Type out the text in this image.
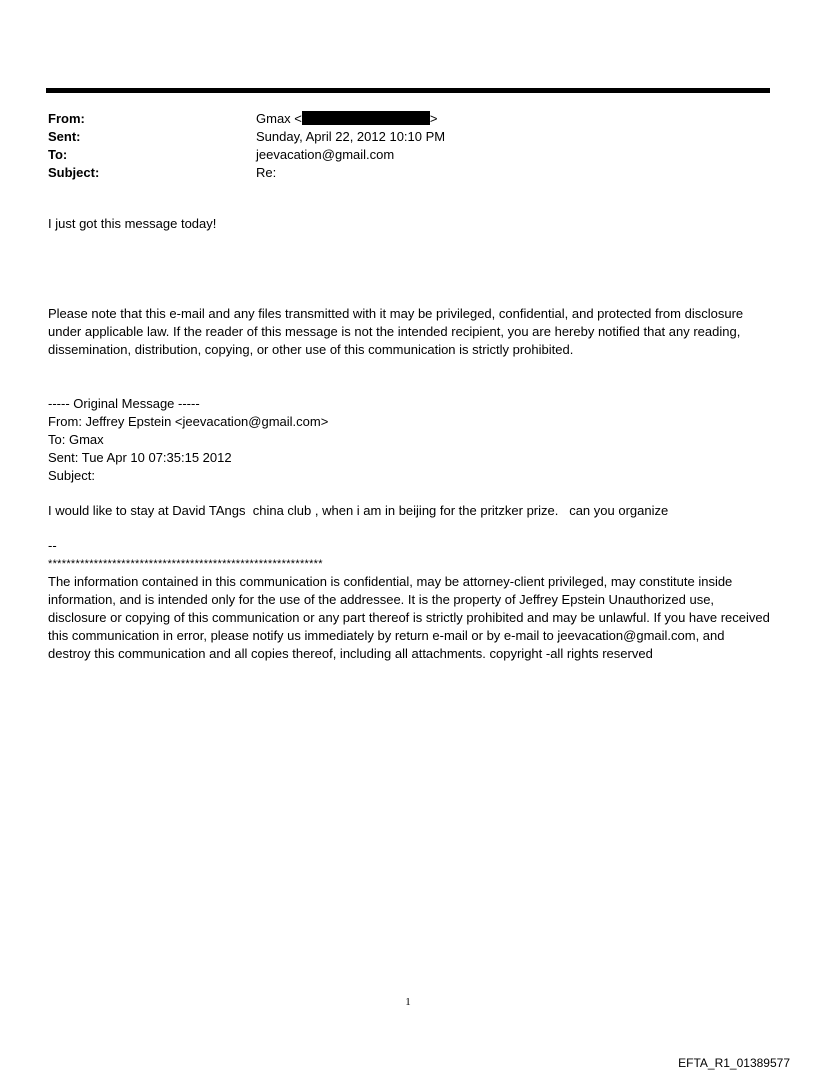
From:	Gmax <	>
Sent:	Sunday, April 22, 2012 10:10 PM
To:	jeevacation@gmail.com
Subject:	Re:
I just got this message today!
Please note that this e-mail and any files transmitted with it may be privileged, confidential, and protected from disclosure under applicable law. If the reader of this message is not the intended recipient, you are hereby notified that any reading, dissemination, distribution, copying, or other use of this communication is strictly prohibited.

----- Original Message -----

From: Jeffrey Epstein <jeevacation@gmail.com>

To: Gmax

Sent: Tue Apr 10 07:35:15 2012

Subject:

I would like to stay at David TAngs  china club , when i am in beijing for the pritzker prize.   can you organize

--

************************************************************

The information contained in this communication is confidential, may be attorney-client privileged, may constitute inside information, and is intended only for the use of the addressee. It is the property of Jeffrey Epstein Unauthorized use, disclosure or copying of this communication or any part thereof is strictly prohibited and may be unlawful. If you have received this communication in error, please notify us immediately by return e-mail or by e-mail to jeevacation@gmail.com, and destroy this communication and all copies thereof, including all attachments. copyright -all rights reserved

1
EFTA_R1_01389577
